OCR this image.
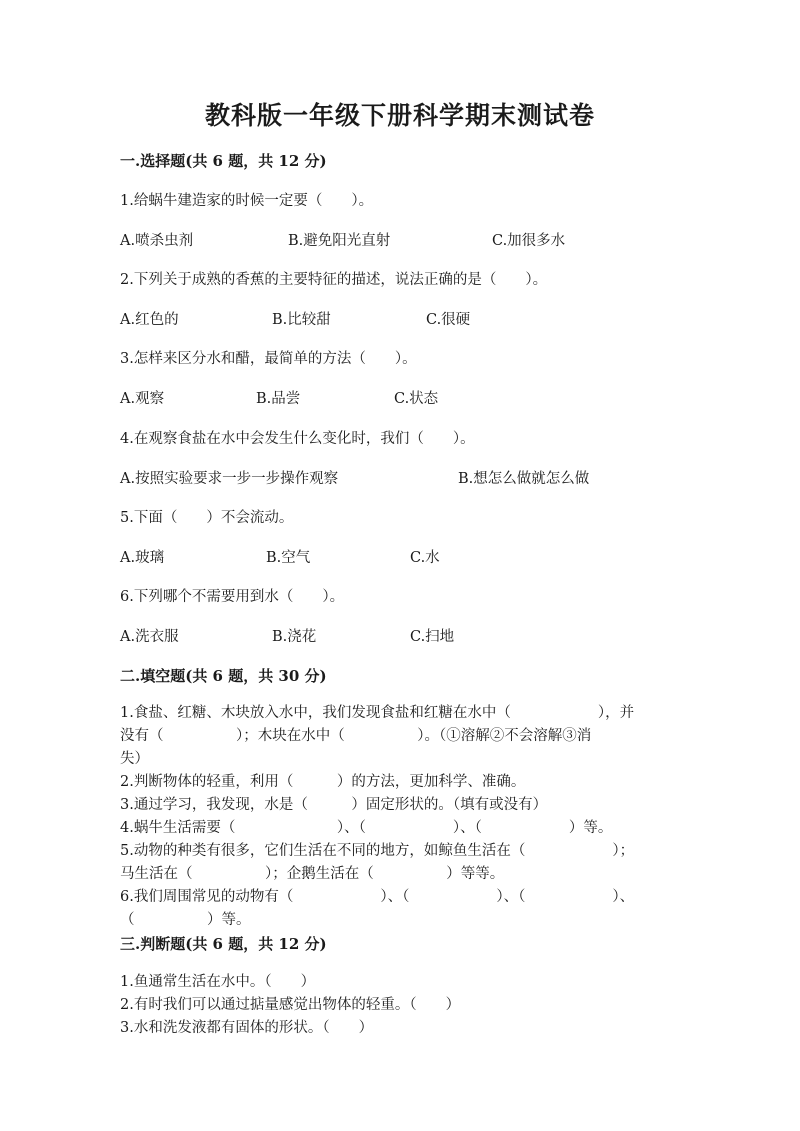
教科版一年级下册科学期末测试卷
一.选择题(共 6 题，共 12 分)
1.给蜗牛建造家的时候一定要（　　）。
A.喷杀虫剂	B.避免阳光直射	C.加很多水
2.下列关于成熟的香蕉的主要特征的描述，说法正确的是（　　）。
A.红色的	B.比较甜	C.很硬
3.怎样来区分水和醋，最简单的方法（　　）。
A.观察	B.品尝	C.状态
4.在观察食盐在水中会发生什么变化时，我们（　　）。
A.按照实验要求一步一步操作观察	B.想怎么做就怎么做
5.下面（　　）不会流动。
A.玻璃	B.空气	C.水
6.下列哪个不需要用到水（　　）。
A.洗衣服	B.浇花	C.扫地
二.填空题(共 6 题，共 30 分)
1.食盐、红糖、木块放入水中，我们发现食盐和红糖在水中（　　　　　　），并
没有（　　　　　）；木块在水中（　　　　　）。（①溶解②不会溶解③消
失）
2.判断物体的轻重，利用（　　　）的方法，更加科学、准确。
3.通过学习，我发现，水是（　　　）固定形状的。（填有或没有）
4.蜗牛生活需要（　　　　　　　）、（　　　　　　）、（　　　　　　）等。
5.动物的种类有很多，它们生活在不同的地方，如鲸鱼生活在（　　　　　　）；
马生活在（　　　　　）；企鹅生活在（　　　　　）等等。
6.我们周围常见的动物有（　　　　　　）、（　　　　　　）、（　　　　　　）、
（　　　　　）等。
三.判断题(共 6 题，共 12 分)
1.鱼通常生活在水中。（　　）
2.有时我们可以通过掂量感觉出物体的轻重。（　　）
3.水和洗发液都有固体的形状。（　　）
